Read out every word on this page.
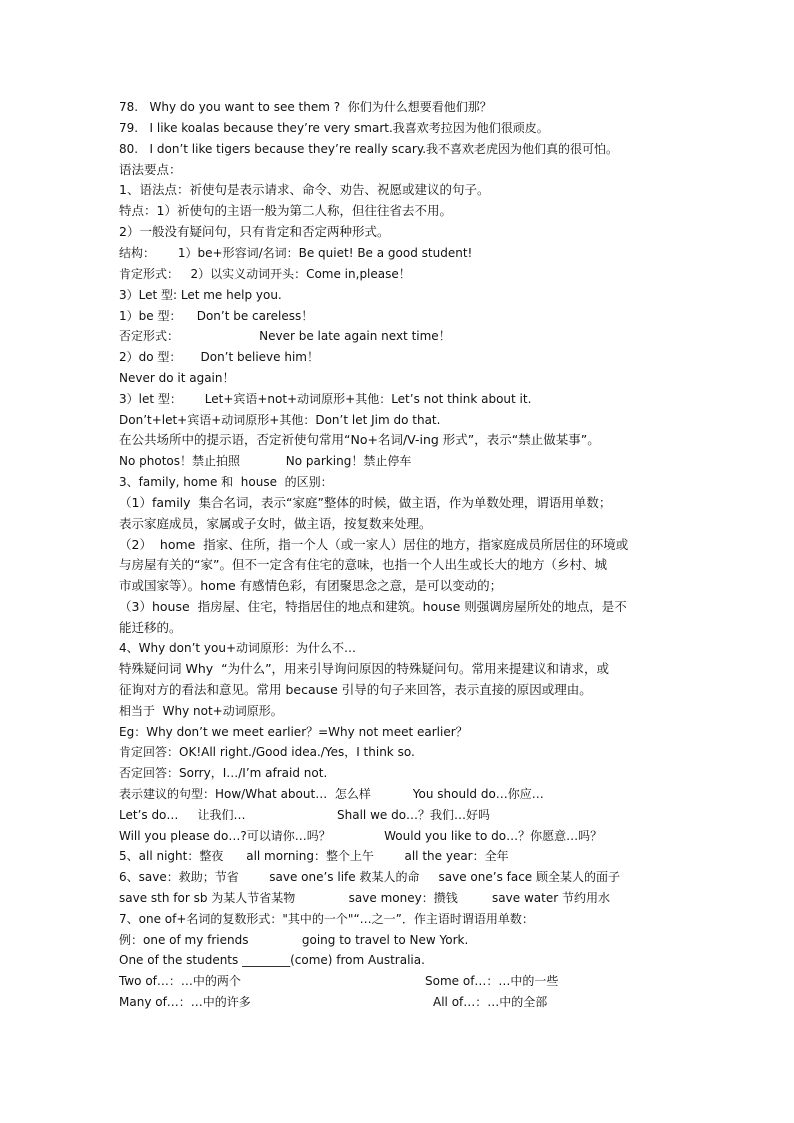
78.   Why do you want to see them ?  你们为什么想要看他们那？
79.   I like koalas because they’re very smart.我喜欢考拉因为他们很顽皮。
80.   I don’t like tigers because they’re really scary.我不喜欢老虎因为他们真的很可怕。
语法要点：
1、语法点：祈使句是表示请求、命令、劝告、祝愿或建议的句子。
特点：1）祈使句的主语一般为第二人称，但往往省去不用。
2）一般没有疑问句，只有肯定和否定两种形式。
结构：      1）be+形容词/名词：Be quiet! Be a good student!
肯定形式：   2）以实义动词开头：Come in,please！
3）Let 型: Let me help you.
1）be 型：    Don’t be careless！
否定形式：                     Never be late again next time！
2）do 型：     Don’t believe him！
Never do it again！
3）let 型：      Let+宾语+not+动词原形+其他：Let’s not think about it.
Don’t+let+宾语+动词原形+其他：Don’t let Jim do that.
在公共场所中的提示语，否定祈使句常用“No+名词/V-ing 形式”，表示“禁止做某事”。
No photos！禁止拍照            No parking！禁止停车
3、family, home 和  house  的区别：
（1）family  集合名词，表示“家庭”整体的时候，做主语，作为单数处理，谓语用单数；
表示家庭成员，家属或子女时，做主语，按复数来处理。
（2）  home  指家、住所，指一个人（或一家人）居住的地方，指家庭成员所居住的环境或
与房屋有关的“家”。但不一定含有住宅的意味，也指一个人出生或长大的地方（乡村、城
市或国家等）。home 有感情色彩，有团聚思念之意，是可以变动的；
（3）house  指房屋、住宅，特指居住的地点和建筑。house 则强调房屋所处的地点，是不
能迁移的。
4、Why don’t you+动词原形：为什么不…
特殊疑问词 Why  “为什么”，用来引导询问原因的特殊疑问句。常用来提建议和请求，或
征询对方的看法和意见。常用 because 引导的句子来回答，表示直接的原因或理由。
相当于  Why not+动词原形。
Eg：Why don’t we meet earlier？=Why not meet earlier？
肯定回答：OK!All right./Good idea./Yes，I think so.
否定回答：Sorry，I…/I’m afraid not.
表示建议的句型：How/What about…  怎么样           You should do…你应…
Let’s do…     让我们…                        Shall we do…？我们…好吗
Will you please do…?可以请你…吗？              Would you like to do…？你愿意…吗？
5、all night：整夜      all morning：整个上午        all the year：全年
6、save：救助；节省        save one’s life 救某人的命     save one’s face 顾全某人的面子
save sth for sb 为某人节省某物              save money：攒钱         save water 节约用水
7、one of+名词的复数形式："其中的一个"“…之一”．作主语时谓语用单数：
例：one of my friends              going to travel to New York.
One of the students ________(come) from Australia.
Two of…：…中的两个	Some of…：…中的一些
Many of…：…中的许多	All of…：…中的全部
